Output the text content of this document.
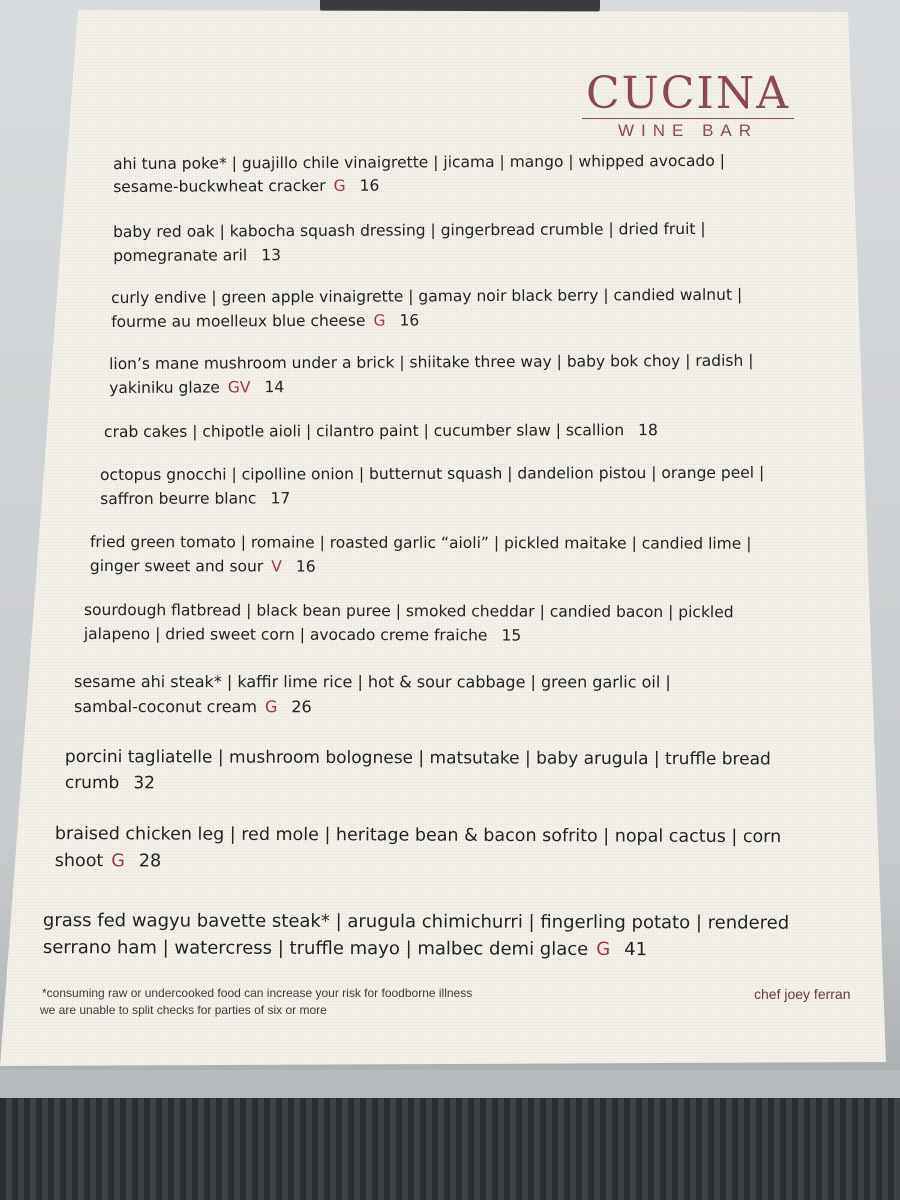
CUCINA
WINE BAR
ahi tuna poke* | guajillo chile vinaigrette | jicama | mango | whipped avocado |
sesame-buckwheat cracker G 16
baby red oak | kabocha squash dressing | gingerbread crumble | dried fruit |
pomegranate aril 13
curly endive | green apple vinaigrette | gamay noir black berry | candied walnut |
fourme au moelleux blue cheese G 16
lion’s mane mushroom under a brick | shiitake three way | baby bok choy | radish |
yakiniku glaze GV 14
crab cakes | chipotle aioli | cilantro paint | cucumber slaw | scallion 18
octopus gnocchi | cipolline onion | butternut squash | dandelion pistou | orange peel |
saffron beurre blanc 17
fried green tomato | romaine | roasted garlic “aioli” | pickled maitake | candied lime |
ginger sweet and sour V 16
sourdough flatbread | black bean puree | smoked cheddar | candied bacon | pickled
jalapeno | dried sweet corn | avocado creme fraiche 15
sesame ahi steak* | kaffir lime rice | hot & sour cabbage | green garlic oil |
sambal-coconut cream G 26
porcini tagliatelle | mushroom bolognese | matsutake | baby arugula | truffle bread
crumb 32
braised chicken leg | red mole | heritage bean & bacon sofrito | nopal cactus | corn
shoot G 28
grass fed wagyu bavette steak* | arugula chimichurri | fingerling potato | rendered
serrano ham | watercress | truffle mayo | malbec demi glace G 41
*consuming raw or undercooked food can increase your risk for foodborne illness
we are unable to split checks for parties of six or more
chef joey ferran
